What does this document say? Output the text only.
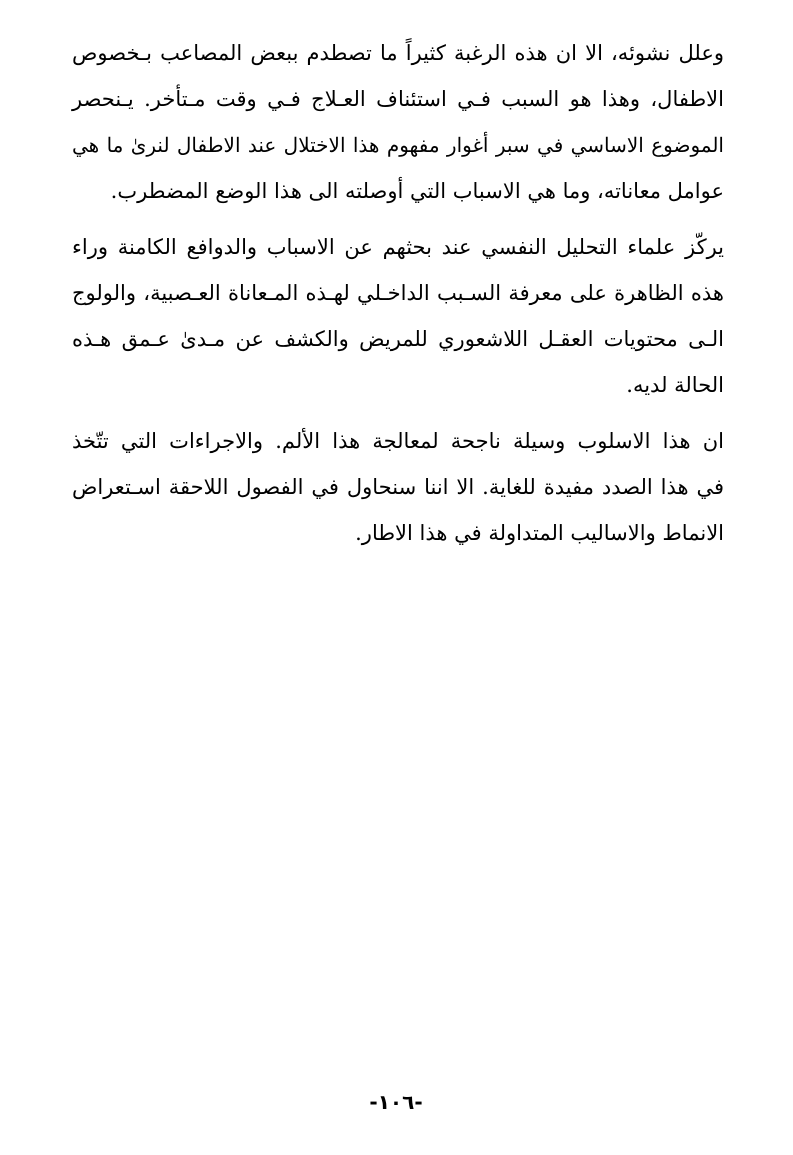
وعلل نشوئه، الا ان هذه الرغبة كثيراً ما تصطدم ببعض المصاعب بـخصوص
الاطفال، وهذا هو السبب فـي استئناف العـلاج فـي وقت مـتأخر. يـنحصر
الموضوع الاساسي في سبر أغوار مفهوم هذا الاختلال عند الاطفال لنرىٰ ما هي
عوامل معاناته، وما هي الاسباب التي أوصلته الى هذا الوضع المضطرب.

يركّز علماء التحليل النفسي عند بحثهم عن الاسباب والدوافع الكامنة وراء
هذه الظاهرة على معرفة السـبب الداخـلي لهـذه المـعاناة العـصبية، والولوج
الـى محتويات العقـل اللاشعوري للمريض والكشف عن مـدىٰ عـمق هـذه
الحالة لديه.

ان هذا الاسلوب وسيلة ناجحة لمعالجة هذا الألم. والاجراءات التي تتّخذ
في هذا الصدد مفيدة للغاية. الا اننا سنحاول في الفصول اللاحقة اسـتعراض
الانماط والاساليب المتداولة في هذا الاطار.

-١٠٦-
